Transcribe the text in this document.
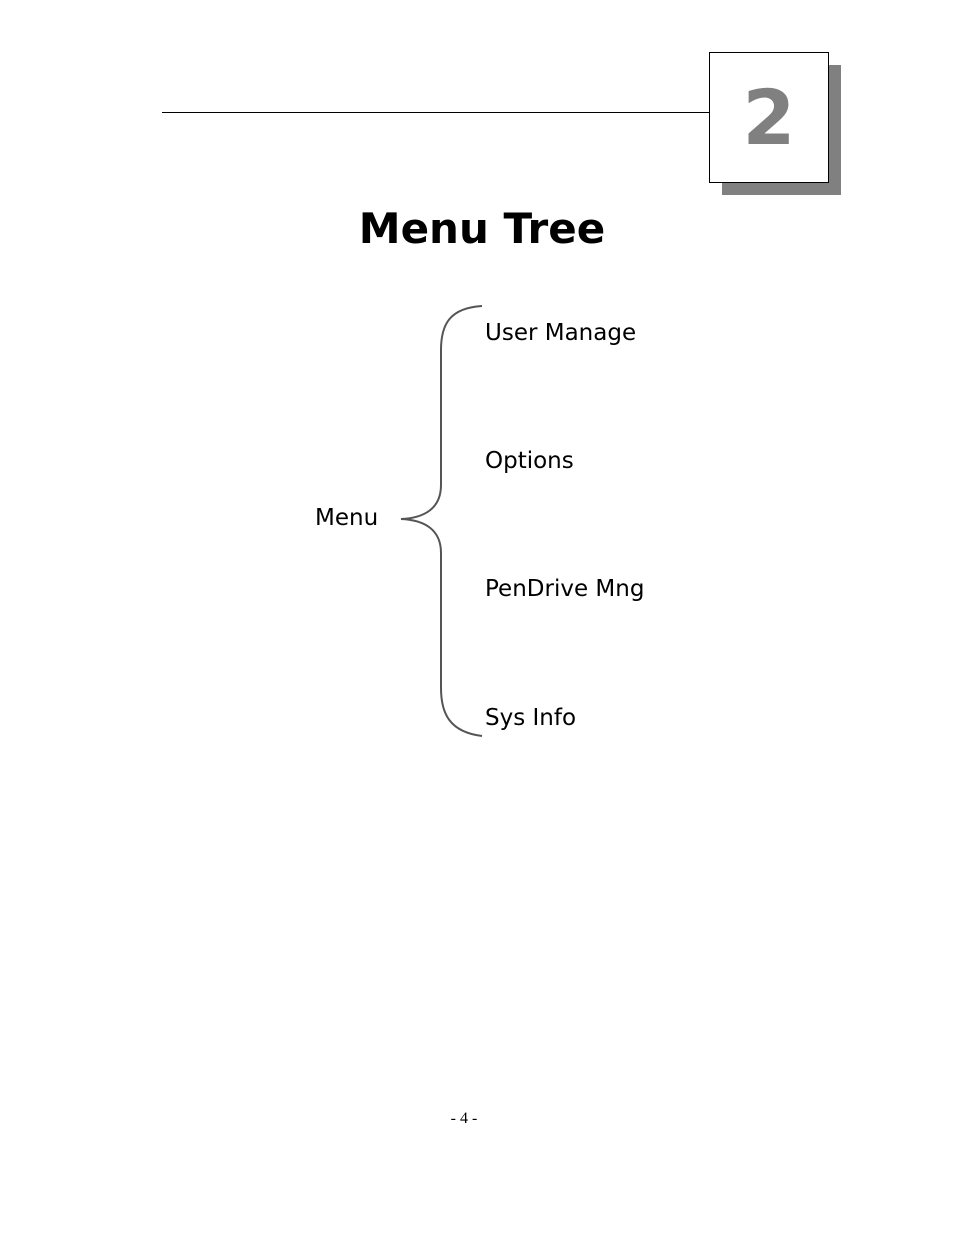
2
Menu Tree
Menu
User Manage
Options
PenDrive Mng
Sys Info
- 4 -
